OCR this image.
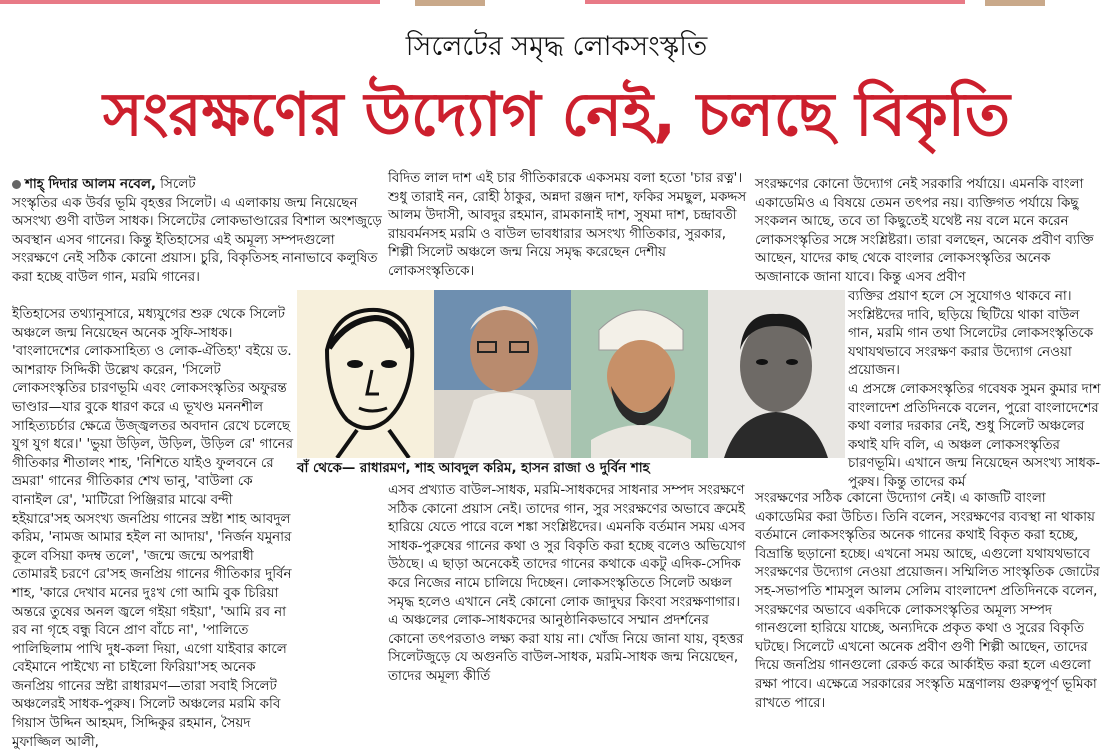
সিলেটের সমৃদ্ধ লোকসংস্কৃতি
সংরক্ষণের উদ্যোগ নেই, চলছে বিকৃতি

শাহ্ দিদার আলম নবেল, সিলেট

সংস্কৃতির এক উর্বর ভূমি বৃহত্তর সিলেট। এ এলাকায় জন্ম নিয়েছেন অসংখ্য গুণী বাউল সাধক। সিলেটের লোকভাণ্ডারের বিশাল অংশজুড়ে অবস্থান এসব গানের। কিন্তু ইতিহাসের এই অমূল্য সম্পদগুলো সংরক্ষণে নেই সঠিক কোনো প্রয়াস। চুরি, বিকৃতিসহ নানাভাবে কলুষিত করা হচ্ছে বাউল গান, মরমি গানের।

ইতিহাসের তথ্যানুসারে, মধ্যযুগের শুরু থেকে সিলেট অঞ্চলে জন্ম নিয়েছেন অনেক সুফি-সাধক। 'বাংলাদেশের লোকসাহিত্য ও লোক-ঐতিহ্য' বইয়ে ড. আশরাফ সিদ্দিকী উল্লেখ করেন, 'সিলেট লোকসংস্কৃতির চারণভূমি এবং লোকসংস্কৃতির অফুরন্ত ভাণ্ডার—যার বুকে ধারণ করে এ ভূখণ্ড মননশীল সাহিত্যচর্চার ক্ষেত্রে উজ্জ্বলতর অবদান রেখে চলেছে যুগ যুগ ধরে।' 'ভুয়া উড়িল, উড়িল, উড়িল রে' গানের গীতিকার শীতালং শাহ, 'নিশিতে যাইও ফুলবনে রে ভ্রমরা' গানের গীতিকার শেখ ভানু, 'বাউলা কে বানাইল রে', 'মাটিরো পিঞ্জিরার মাঝে বন্দী হইয়ারে'সহ অসংখ্য জনপ্রিয় গানের স্রষ্টা শাহ আবদুল করিম, 'নামজ আমার হইল না আদায়', 'নির্জন যমুনার কূলে বসিয়া কদম্ব তলে', 'জন্মে জন্মে অপরাধী তোমারই চরণে রে'সহ জনপ্রিয় গানের গীতিকার দুর্বিন শাহ, 'কারে দেখাব মনের দুঃখ গো আমি বুক চিরিয়া অন্তরে তুষের অনল জ্বলে গইয়া গইয়া', 'আমি রব না রব না গৃহে বন্ধু বিনে প্রাণ বাঁচে না', 'পালিতে পালিছিলাম পাখি দুধ-কলা দিয়া, এগো যাইবার কালে বেইমানে পাইখ্যে না চাইলো ফিরিয়া'সহ অনেক জনপ্রিয় গানের স্রষ্টা রাধারমণ—তারা সবাই সিলেট অঞ্চলেরই সাধক-পুরুষ। সিলেট অঞ্চলের মরমি কবি গিয়াস উদ্দিন আহমদ, সিদ্দিকুর রহমান, সৈয়দ মুফাজ্জিল আলী,

বিদিত লাল দাশ এই চার গীতিকারকে একসময় বলা হতো 'চার রত্ন'। শুধু তারাই নন, রোহী ঠাকুর, অন্নদা রঞ্জন দাশ, ফকির সমছুল, মকদ্দস আলম উদাসী, আবদুর রহমান, রামকানাই দাশ, সুষমা দাশ, চন্দ্রাবতী রায়বর্মনসহ মরমি ও বাউল ভাবধারার অসংখ্য গীতিকার, সুরকার, শিল্পী সিলেট অঞ্চলে জন্ম নিয়ে সমৃদ্ধ করেছেন দেশীয় লোকসংস্কৃতিকে।

বাঁ থেকে— রাধারমণ, শাহ আবদুল করিম, হাসন রাজা ও দুর্বিন শাহ

এসব প্রখ্যাত বাউল-সাধক, মরমি-সাধকদের সাধনার সম্পদ সংরক্ষণে সঠিক কোনো প্রয়াস নেই। তাদের গান, সুর সংরক্ষণের অভাবে ক্রমেই হারিয়ে যেতে পারে বলে শঙ্কা সংশ্লিষ্টদের। এমনকি বর্তমান সময় এসব সাধক-পুরুষের গানের কথা ও সুর বিকৃতি করা হচ্ছে বলেও অভিযোগ উঠছে। এ ছাড়া অনেকেই তাদের গানের কথাকে একটু এদিক-সেদিক করে নিজের নামে চালিয়ে দিচ্ছেন। লোকসংস্কৃতিতে সিলেট অঞ্চল সমৃদ্ধ হলেও এখানে নেই কোনো লোক জাদুঘর কিংবা সংরক্ষণাগার। এ অঞ্চলের লোক-সাধকদের আনুষ্ঠানিকভাবে সম্মান প্রদর্শনের কোনো তৎপরতাও লক্ষ্য করা যায় না। খোঁজ নিয়ে জানা যায়, বৃহত্তর সিলেটজুড়ে যে অগুনতি বাউল-সাধক, মরমি-সাধক জন্ম নিয়েছেন, তাদের অমূল্য কীর্তি

সংরক্ষণের কোনো উদ্যোগ নেই সরকারি পর্যায়ে। এমনকি বাংলা একাডেমিও এ বিষয়ে তেমন তৎপর নয়। ব্যক্তিগত পর্যায়ে কিছু সংকলন আছে, তবে তা কিছুতেই যথেষ্ট নয় বলে মনে করেন লোকসংস্কৃতির সঙ্গে সংশ্লিষ্টরা। তারা বলছেন, অনেক প্রবীণ ব্যক্তি আছেন, যাদের কাছ থেকে বাংলার লোকসংস্কৃতির অনেক অজানাকে জানা যাবে। কিন্তু এসব প্রবীণ

ব্যক্তির প্রয়াণ হলে সে সুযোগও থাকবে না। সংশ্লিষ্টদের দাবি, ছড়িয়ে ছিটিয়ে থাকা বাউল গান, মরমি গান তথা সিলেটের লোকসংস্কৃতিকে যথাযথভাবে সংরক্ষণ করার উদ্যোগ নেওয়া প্রয়োজন।

এ প্রসঙ্গে লোকসংস্কৃতির গবেষক সুমন কুমার দাশ বাংলাদেশ প্রতিদিনকে বলেন, পুরো বাংলাদেশের কথা বলার দরকার নেই, শুধু সিলেট অঞ্চলের কথাই যদি বলি, এ অঞ্চল লোকসংস্কৃতির চারণভূমি। এখানে জন্ম নিয়েছেন অসংখ্য সাধক-পুরুষ। কিন্তু তাদের কর্ম

সংরক্ষণের সঠিক কোনো উদ্যোগ নেই। এ কাজটি বাংলা একাডেমির করা উচিত। তিনি বলেন, সংরক্ষণের ব্যবস্থা না থাকায় বর্তমানে লোকসংস্কৃতির অনেক গানের কথাই বিকৃত করা হচ্ছে, বিভ্রান্তি ছড়ানো হচ্ছে। এখনো সময় আছে, এগুলো যথাযথভাবে সংরক্ষণের উদ্যোগ নেওয়া প্রয়োজন। সম্মিলিত সাংস্কৃতিক জোটের সহ-সভাপতি শামসুল আলম সেলিম বাংলাদেশ প্রতিদিনকে বলেন, সংরক্ষণের অভাবে একদিকে লোকসংস্কৃতির অমূল্য সম্পদ গানগুলো হারিয়ে যাচ্ছে, অন্যদিকে প্রকৃত কথা ও সুরের বিকৃতি ঘটছে। সিলেটে এখনো অনেক প্রবীণ গুণী শিল্পী আছেন, তাদের দিয়ে জনপ্রিয় গানগুলো রেকর্ড করে আর্কাইভ করা হলে এগুলো রক্ষা পাবে। এক্ষেত্রে সরকারের সংস্কৃতি মন্ত্রণালয় গুরুত্বপূর্ণ ভূমিকা রাখতে পারে।
